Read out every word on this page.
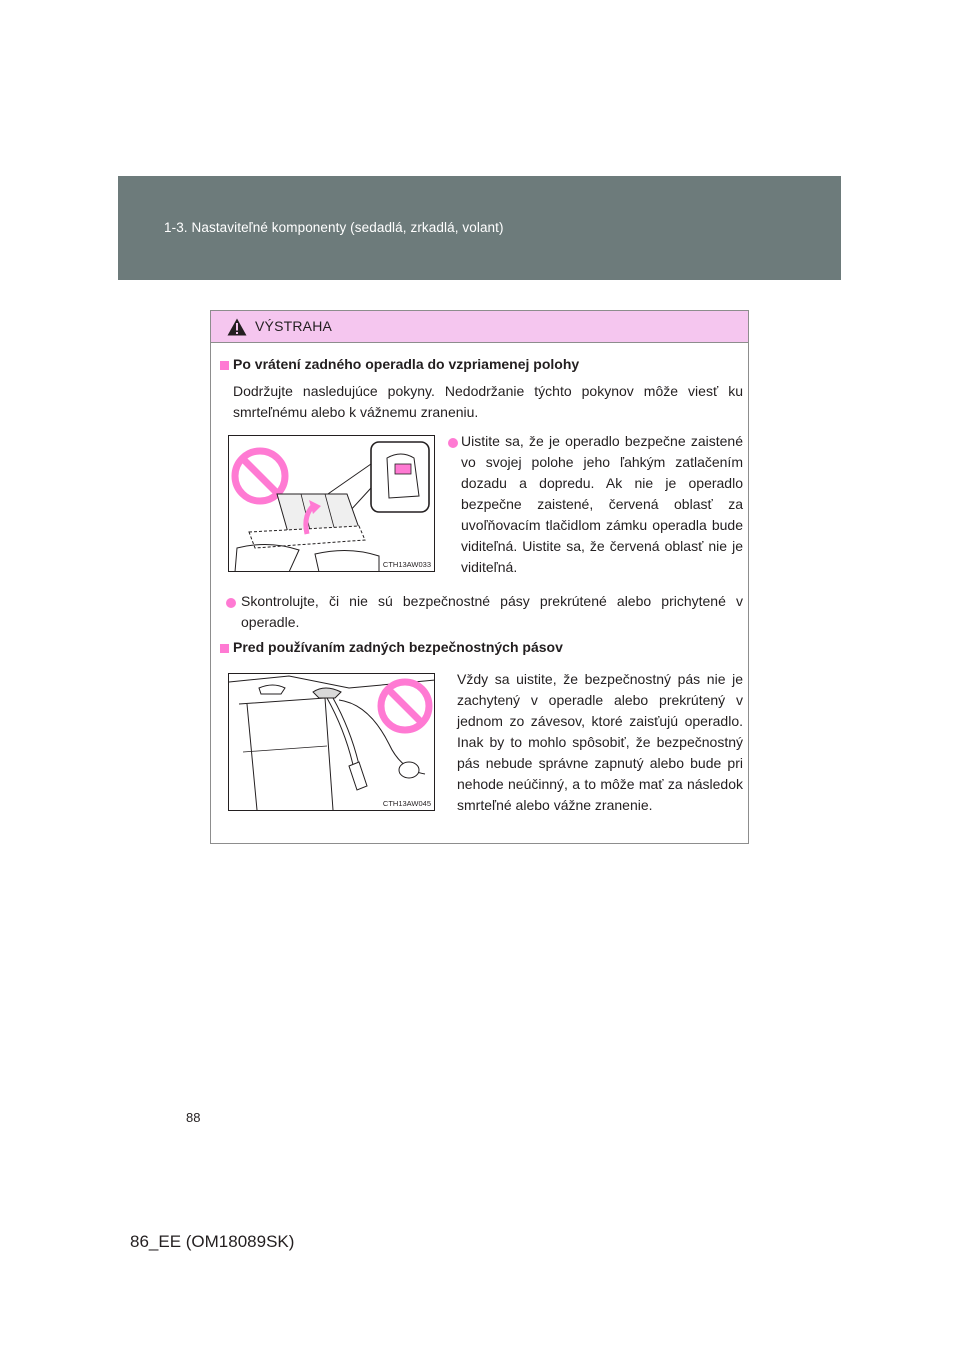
1-3. Nastaviteľné komponenty (sedadlá, zrkadlá, volant)
VÝSTRAHA
Po vrátení zadného operadla do vzpriamenej polohy
Dodržujte nasledujúce pokyny. Nedodržanie týchto pokynov môže viesť ku smrteľnému alebo k vážnemu zraneniu.
CTH13AW033
Uistite sa, že je operadlo bezpečne zaistené vo svojej polohe jeho ľahkým zatlačením dozadu a dopredu. Ak nie je operadlo bezpečne zaistené, červená oblasť za uvoľňovacím tlačidlom zámku operadla bude viditeľná. Uistite sa, že červená oblasť nie je viditeľná.
Skontrolujte, či nie sú bezpečnostné pásy prekrútené alebo prichytené v operadle.
Pred používaním zadných bezpečnostných pásov
CTH13AW045
Vždy sa uistite, že bezpečnostný pás nie je zachytený v operadle alebo prekrútený v jednom zo závesov, ktoré zaisťujú operadlo. Inak by to mohlo spôsobiť, že bezpečnostný pás nebude správne zapnutý alebo bude pri nehode neúčinný, a to môže mať za následok smrteľné alebo vážne zranenie.
88
86_EE (OM18089SK)
